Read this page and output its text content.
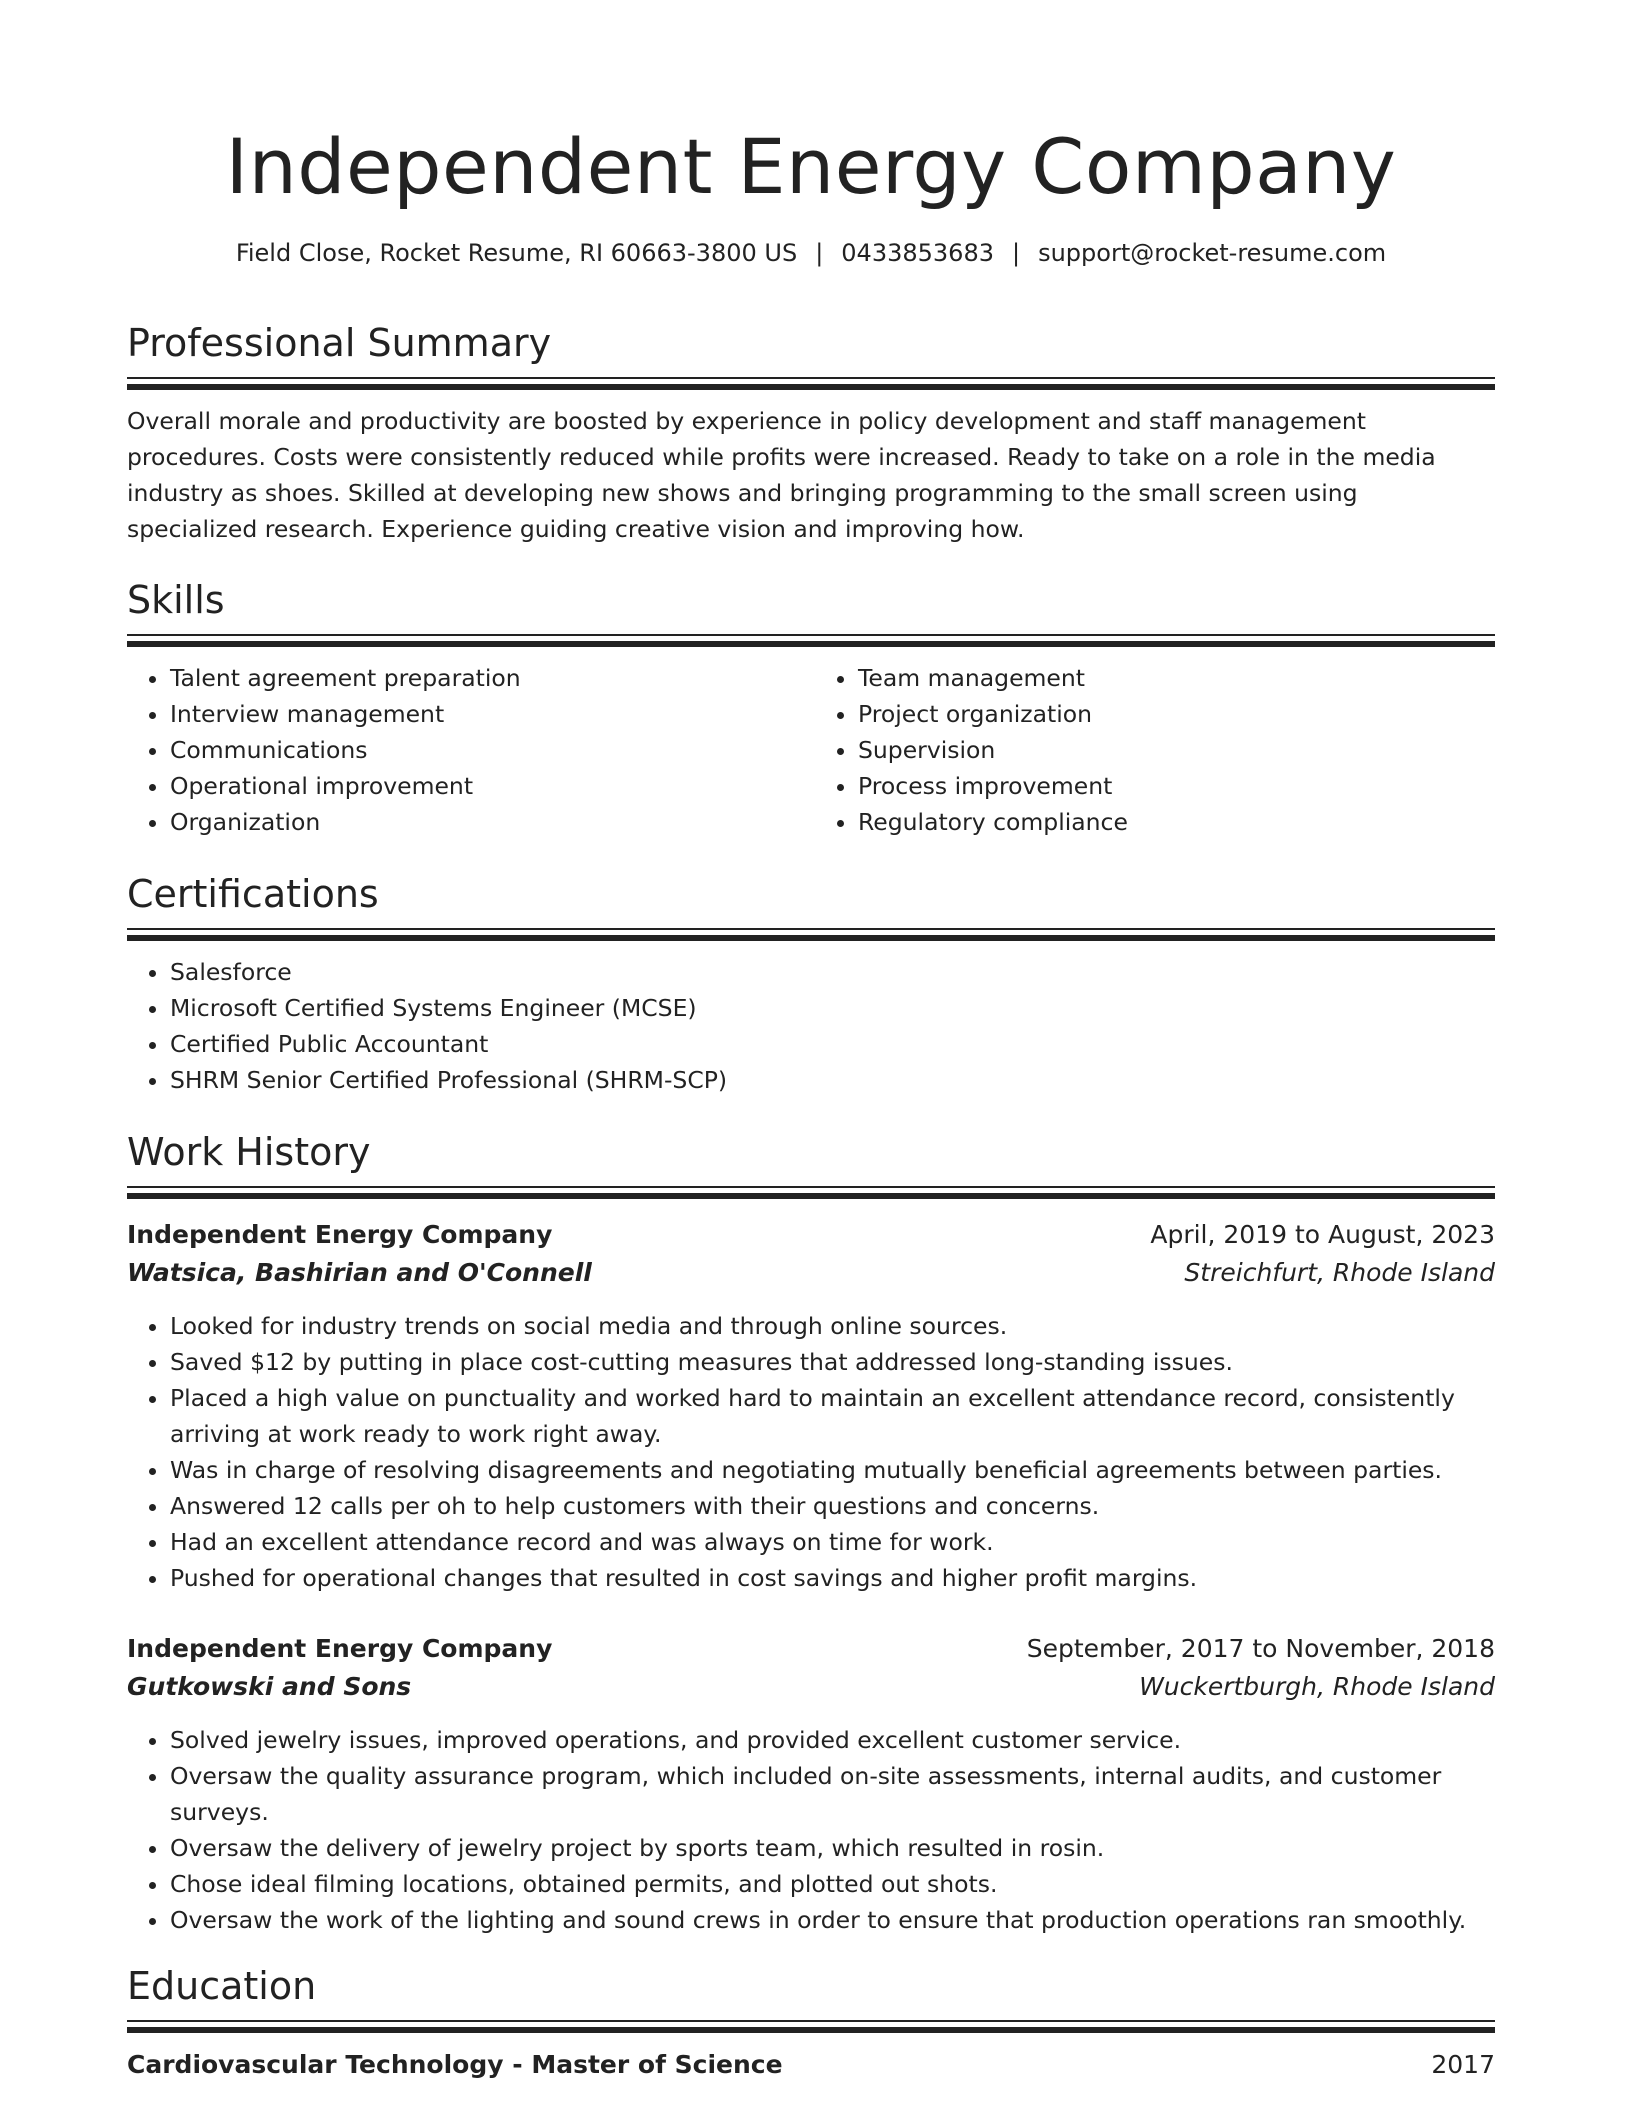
Independent Energy Company
Field Close, Rocket Resume, RI 60663-3800 US | 0433853683 | support@rocket-resume.com
Professional Summary

Overall morale and productivity are boosted by experience in policy development and staff management procedures. Costs were consistently reduced while profits were increased. Ready to take on a role in the media industry as shoes. Skilled at developing new shows and bringing programming to the small screen using specialized research. Experience guiding creative vision and improving how.

Skills
• Talent agreement preparation
• Interview management
• Communications
• Operational improvement
• Organization
• Team management
• Project organization
• Supervision
• Process improvement
• Regulatory compliance
Certifications
• Salesforce
• Microsoft Certified Systems Engineer (MCSE)
• Certified Public Accountant
• SHRM Senior Certified Professional (SHRM-SCP)
Work History
Independent Energy Company	April, 2019 to August, 2023
Watsica, Bashirian and O'Connell	Streichfurt, Rhode Island
• Looked for industry trends on social media and through online sources.
• Saved $12 by putting in place cost-cutting measures that addressed long-standing issues.
• Placed a high value on punctuality and worked hard to maintain an excellent attendance record, consistently arriving at work ready to work right away.
• Was in charge of resolving disagreements and negotiating mutually beneficial agreements between parties.
• Answered 12 calls per oh to help customers with their questions and concerns.
• Had an excellent attendance record and was always on time for work.
• Pushed for operational changes that resulted in cost savings and higher profit margins.
Independent Energy Company	September, 2017 to November, 2018
Gutkowski and Sons	Wuckertburgh, Rhode Island
• Solved jewelry issues, improved operations, and provided excellent customer service.
• Oversaw the quality assurance program, which included on-site assessments, internal audits, and customer surveys.
• Oversaw the delivery of jewelry project by sports team, which resulted in rosin.
• Chose ideal filming locations, obtained permits, and plotted out shots.
• Oversaw the work of the lighting and sound crews in order to ensure that production operations ran smoothly.
Education
Cardiovascular Technology - Master of Science	2017
